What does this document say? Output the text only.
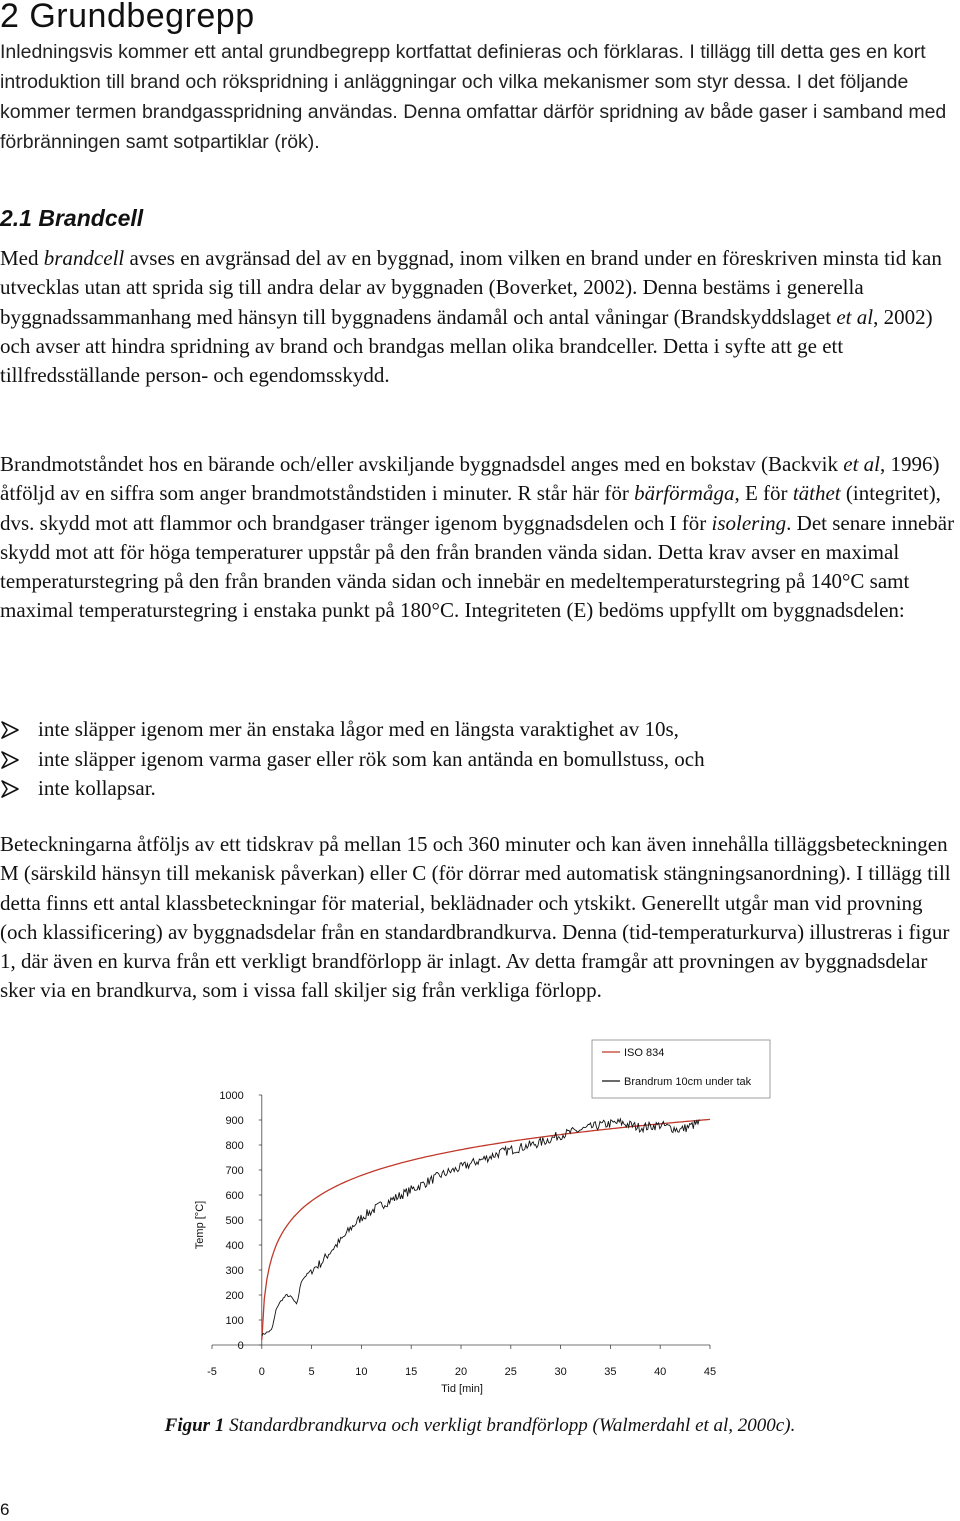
2 Grundbegrepp

Inledningsvis kommer ett antal grundbegrepp kortfattat definieras och förklaras. I tillägg till detta ges en kort introduktion till brand och rökspridning i anläggningar och vilka mekanismer som styr dessa. I det följande kommer termen brandgasspridning användas. Denna omfattar därför spridning av både gaser i samband med förbränningen samt sotpartiklar (rök).

2.1 Brandcell

Med brandcell avses en avgränsad del av en byggnad, inom vilken en brand under en föreskriven minsta tid kan utvecklas utan att sprida sig till andra delar av byggnaden (Boverket, 2002). Denna bestäms i generella byggnadssammanhang med hänsyn till byggnadens ändamål och antal våningar (Brandskyddslaget et al, 2002) och avser att hindra spridning av brand och brandgas mellan olika brandceller. Detta i syfte att ge ett tillfredsställande person- och egendomsskydd.

Brandmotståndet hos en bärande och/eller avskiljande byggnadsdel anges med en bokstav (Backvik et al, 1996) åtföljd av en siffra som anger brandmotståndstiden i minuter. R står här för bärförmåga, E för täthet (integritet), dvs. skydd mot att flammor och brandgaser tränger igenom byggnadsdelen och I för isolering. Det senare innebär skydd mot att för höga temperaturer uppstår på den från branden vända sidan. Detta krav avser en maximal temperaturstegring på den från branden vända sidan och innebär en medeltemperaturstegring på 140°C samt maximal temperaturstegring i enstaka punkt på 180°C. Integriteten (E) bedöms uppfyllt om byggnadsdelen:

inte släpper igenom mer än enstaka lågor med en längsta varaktighet av 10s,
inte släpper igenom varma gaser eller rök som kan antända en bomullstuss, och
inte kollapsar.

Beteckningarna åtföljs av ett tidskrav på mellan 15 och 360 minuter och kan även innehålla tilläggsbeteckningen M (särskild hänsyn till mekanisk påverkan) eller C (för dörrar med automatisk stängningsanordning). I tillägg till detta finns ett antal klassbeteckningar för material, beklädnader och ytskikt. Generellt utgår man vid provning (och klassificering) av byggnadsdelar från en standardbrandkurva. Denna (tid-temperaturkurva) illustreras i figur 1, där även en kurva från ett verkligt brandförlopp är inlagt. Av detta framgår att provningen av byggnadsdelar sker via en brandkurva, som i vissa fall skiljer sig från verkliga förlopp.

-5	0	5	10	15	20	25	30	35	40	45
0
100
200
300
400
500
600
700
800
900
1000
Temp [°C]
Tid [min]
ISO 834
Brandrum 10cm under tak
Figur 1 Standardbrandkurva och verkligt brandförlopp (Walmerdahl et al, 2000c).
6
